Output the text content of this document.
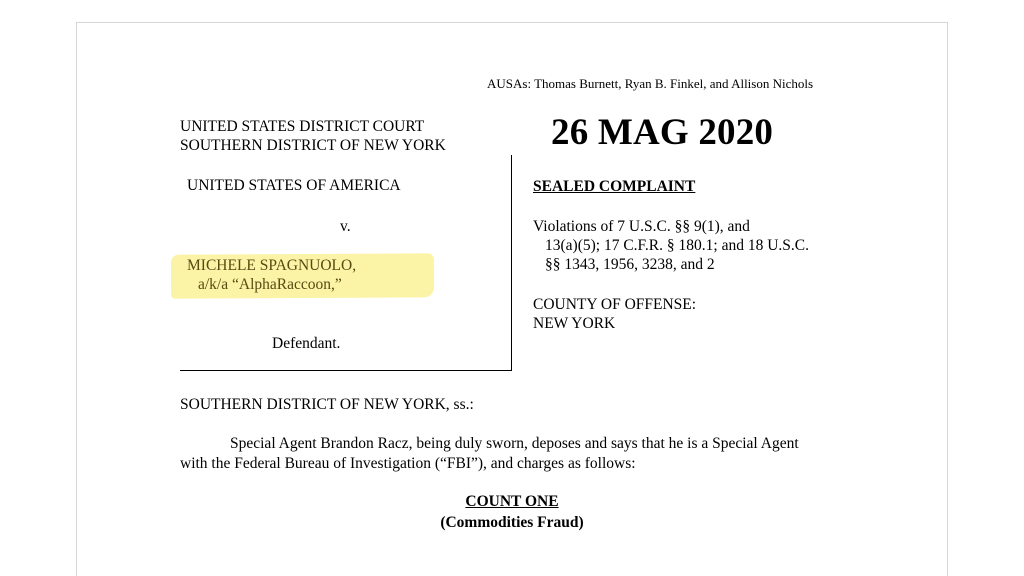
AUSAs: Thomas Burnett, Ryan B. Finkel, and Allison Nichols
UNITED STATES DISTRICT COURT
SOUTHERN DISTRICT OF NEW YORK	26 MAG 2020
UNITED STATES OF AMERICA
v.
MICHELE SPAGNUOLO,
a/k/a “AlphaRaccoon,”
Defendant.
SEALED COMPLAINT
Violations of 7 U.S.C. §§ 9(1), and
13(a)(5); 17 C.F.R. § 180.1; and 18 U.S.C.
§§ 1343, 1956, 3238, and 2
COUNTY OF OFFENSE:
NEW YORK
SOUTHERN DISTRICT OF NEW YORK, ss.:
Special Agent Brandon Racz, being duly sworn, deposes and says that he is a Special Agent
with the Federal Bureau of Investigation (“FBI”), and charges as follows:
COUNT ONE
(Commodities Fraud)
